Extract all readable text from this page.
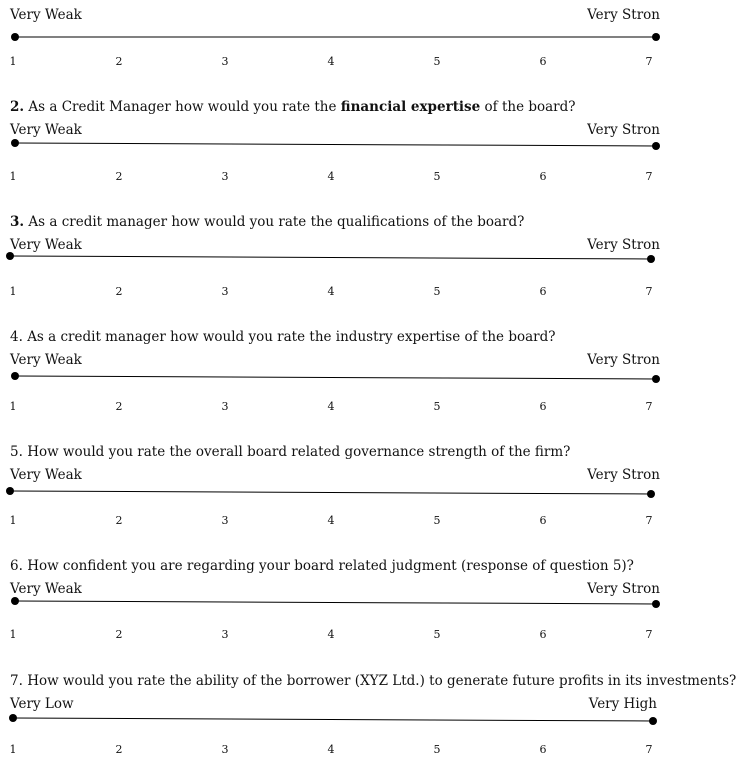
Very Weak	Very Stron
1	2	3	4	5	6	7
2. As a Credit Manager how would you rate the financial expertise of the board?
Very Weak	Very Stron
1	2	3	4	5	6	7
3. As a credit manager how would you rate the qualifications of the board?
Very Weak	Very Stron
1	2	3	4	5	6	7
4. As a credit manager how would you rate the industry expertise of the board?
Very Weak	Very Stron
1	2	3	4	5	6	7
5. How would you rate the overall board related governance strength of the firm?
Very Weak	Very Stron
1	2	3	4	5	6	7
6. How confident you are regarding your board related judgment (response of question 5)?
Very Weak	Very Stron
1	2	3	4	5	6	7
7. How would you rate the ability of the borrower (XYZ Ltd.) to generate future profits in its investments?
Very Low	Very High
1	2	3	4	5	6	7
